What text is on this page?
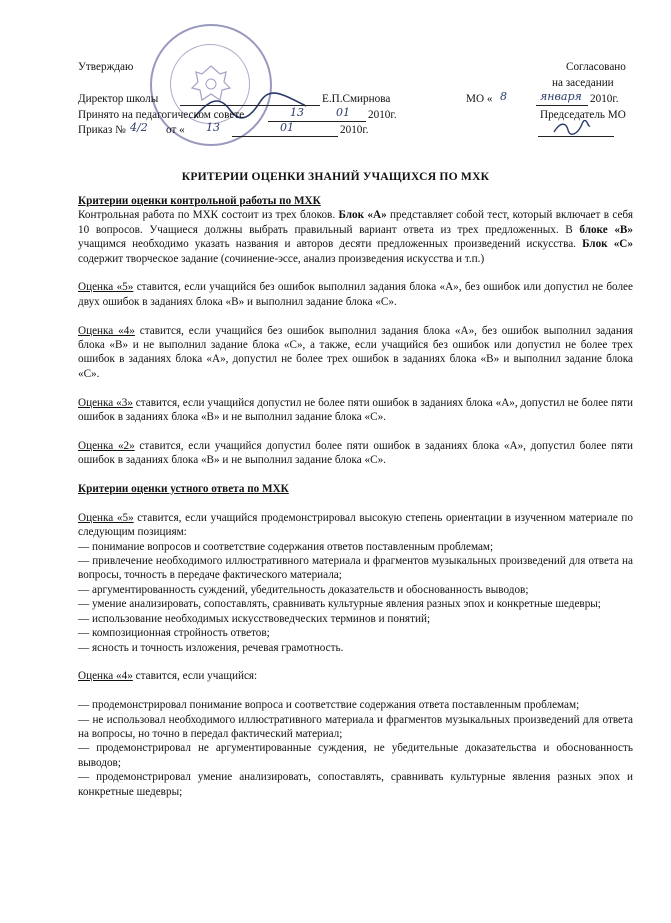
Утверждаю
Директор школы	Е.П.Смирнова
Принято на педагогическом совете	13	01 2010г.
Приказ № 4/2 от « 13	01	2010г.
Согласовано
на заседании
МО « 8	января 2010г.
Председатель МО
КРИТЕРИИ ОЦЕНКИ ЗНАНИЙ УЧАЩИХСЯ ПО МХК

Критерии оценки контрольной работы по МХК

Контрольная работа по МХК состоит из трех блоков. Блок «А» представляет собой тест, который включает в себя 10 вопросов. Учащиеся должны выбрать правильный вариант ответа из трех предложенных. В блоке «В» учащимся необходимо указать названия и авторов десяти предложенных произведений искусства. Блок «С» содержит творческое задание (сочинение-эссе, анализ произведения искусства и т.п.)

Оценка «5» ставится, если учащийся без ошибок выполнил задания блока «А», без ошибок или допустил не более двух ошибок в заданиях блока «В» и выполнил задание блока «С».

Оценка «4» ставится, если учащийся без ошибок выполнил задания блока «А», без ошибок выполнил задания блока «В» и не выполнил задание блока «С», а также, если учащийся без ошибок или допустил не более трех ошибок в заданиях блока «А», допустил не более трех ошибок в заданиях блока «В» и выполнил задание блока «С».

Оценка «3» ставится, если учащийся допустил не более пяти ошибок в заданиях блока «А», допустил не более пяти ошибок в заданиях блока «В» и не выполнил задание блока «С».

Оценка «2» ставится, если учащийся допустил более пяти ошибок в заданиях блока «А», допустил более пяти ошибок в заданиях блока «В» и не выполнил задание блока «С».

Критерии оценки устного ответа по МХК

Оценка «5» ставится, если учащийся продемонстрировал высокую степень ориентации в изученном материале по следующим позициям:

— понимание вопросов и соответствие содержания ответов поставленным проблемам;

— привлечение необходимого иллюстративного материала и фрагментов музыкальных произведений для ответа на вопросы, точность в передаче фактического материала;

— аргументированность суждений, убедительность доказательств и обоснованность выводов;

— умение анализировать, сопоставлять, сравнивать культурные явления разных эпох и конкретные шедевры;

— использование необходимых искусствоведческих терминов и понятий;

— композиционная стройность ответов;

— ясность и точность изложения, речевая грамотность.

Оценка «4» ставится, если учащийся:

— продемонстрировал понимание вопроса и соответствие содержания ответа поставленным проблемам;

— не использовал необходимого иллюстративного материала и фрагментов музыкальных произведений для ответа на вопросы, но точно в передал фактический материал;

— продемонстрировал не аргументированные суждения, не убедительные доказательства и обоснованность выводов;

— продемонстрировал умение анализировать, сопоставлять, сравнивать культурные явления разных эпох и конкретные шедевры;
